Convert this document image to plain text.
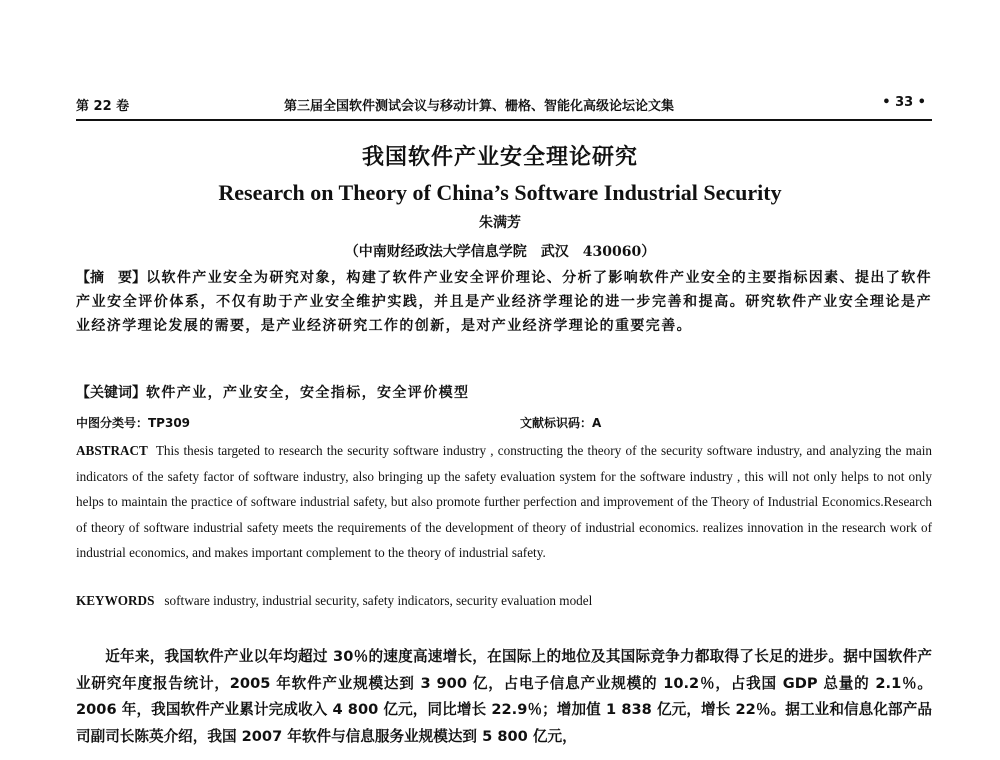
第 22 卷	第三届全国软件测试会议与移动计算、栅格、智能化高级论坛论文集	• 33 •
我国软件产业安全理论研究
Research on Theory of China’s Software Industrial Security
朱满芳
（中南财经政法大学信息学院　武汉　430060）
【摘　要】以软件产业安全为研究对象，构建了软件产业安全评价理论、分析了影响软件产业安全的主要指标因素、提出了软件产业安全评价体系，不仅有助于产业安全维护实践，并且是产业经济学理论的进一步完善和提高。研究软件产业安全理论是产业经济学理论发展的需要，是产业经济研究工作的创新，是对产业经济学理论的重要完善。
【关键词】软件产业，产业安全，安全指标，安全评价模型
中图分类号：TP309	文献标识码：A
ABSTRACT This thesis targeted to research the security software industry , constructing the theory of the security software industry, and analyzing the main indicators of the safety factor of software industry, also bringing up the safety evaluation system for the software industry , this will not only helps to not only helps to maintain the practice of software industrial safety, but also promote further perfection and improvement of the Theory of Industrial Economics.Research of theory of software industrial safety meets the requirements of the development of theory of industrial economics. realizes innovation in the research work of industrial economics, and makes important complement to the theory of industrial safety.
KEYWORDS software industry, industrial security, safety indicators, security evaluation model
近年来，我国软件产业以年均超过 30％的速度高速增长，在国际上的地位及其国际竞争力都取得了长足的进步。据中国软件产业研究年度报告统计，2005 年软件产业规模达到 3 900 亿，占电子信息产业规模的 10.2％，占我国 GDP 总量的 2.1％。2006 年，我国软件产业累计完成收入 4 800 亿元，同比增长 22.9％；增加值 1 838 亿元，增长 22％。据工业和信息化部产品司副司长陈英介绍，我国 2007 年软件与信息服务业规模达到 5 800 亿元，
